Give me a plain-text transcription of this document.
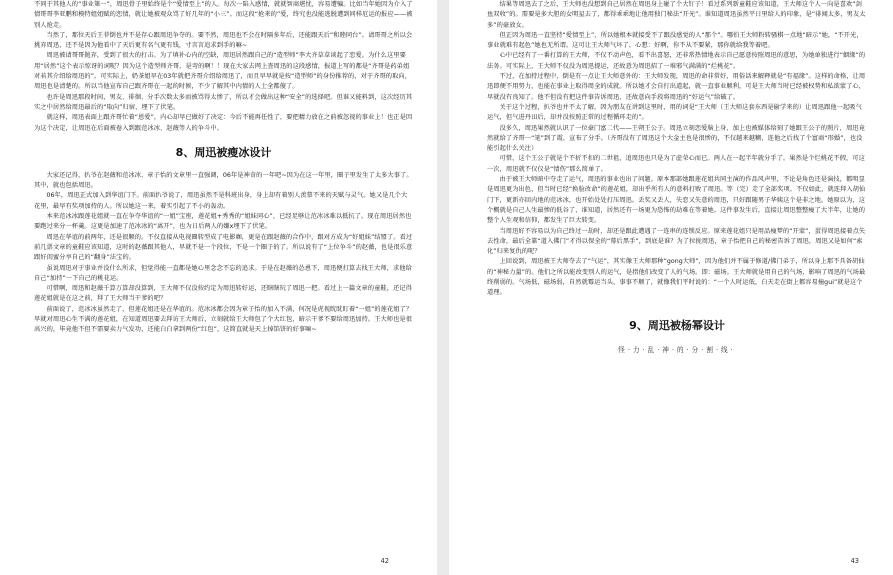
不同于其他人的“事业第一”，周迅骨子里始终是个“爱情至上”的人。每次一陷入感情，就就智商堪忧，容易遭骗。比如当年她因为介入了情哥哥李亚鹏和模特姐姐赋的恋情，就让她被观众骂了好几年的“小三”。而这段“抢来的”爱，终究也没能逃脱遭到同样厄运的报应——被别人抢走。

当然了，那位天后王菲倒也并不是存心跟周迅争夺的。要不然，周迅也不会在时隔多年后，还能跟天后“和睦同台”。请哥哥之所以会挑弃周迅，还不是因为他看中了天后更有名气更有钱，寸言言追求到手的嘛~

周迅被请哥哥抛弃，受到了很大的打击。为了填补心内的空缺，周迅居然跟自己的“造型师”李大齐草草谈起了恋爱。为什么这里要用“居然”这个表示惊讶的词呢？因为这个造型师齐哥，是弯的啊！！现在大家去网上查周迅的这段感情，报道上写的都是“齐哥是药弟姐对若其介绍给周迅的”。可实际上，奶茶姐早在03年就把齐哥介绍给周迅了，而且早早就是按“造型师”的身份推荐的，对于齐哥的取向，周迅也是清楚的。所以当他宣布自己跟齐哥在一起的时候，不少了解其中内情的人士全都傻了。

也许是周迅那段时间，男友、徘徊、分手次数太多而被骂得太惨了，所以才会做出这种“安全”的选择吧。但谁又能料到，这次经历其实之中居然给周迅最后的“取向”归宿，埋下了伏笔。

就这样，周迅表面上跟齐哥忙着“恩爱”，内心却早已做好了决定：今后不能再任性了，要把精力放在之前被忽视的事业上！也正是因为这个决定，让周迅在后面被卷入到跟范冰冰、赵薇等人的争斗中。

8、周迅被瘦冰设计

大家还记得，扒爷在赵薇和范冰冰、章子怡的文章里一直强调，06年是神奇的一年吧~因为在这一年里，圈子里发生了太多大事了。其中，就也包括周迅。

06年，周迅正式加入到华谊门下。前面扒爷说了，周迅虽然不是科班出身，身上却有着别人羡慕不来的天赋与灵气。她又是几个大花里，最早有奖项加持的人。所以她这一来，着实引起了不小的轰动。

本来范冰冰跟莲花姐就一直在争夺华谊的“一姐”宝座，莲花姐+秀秀的“姐妹同心”，已经足够让范冰冰难以抵抗了。现在周迅居然也要跑过来分一杯羹。这更是加速了范冰冰的“离开”，也为日后两人的嫌x埋下了伏笔。

周迅在华谊的前两年，还是很顺的。不仅直接从电视圈转型成了电影咖，更是在跟赵薇的合作中，跟对方成为“好姐妹”结盟了。看过前几票文章的童鞋应该知道，这时的赵薇跟其他人，早就不是一个段位，不是一个圈子的了。所以说有了“上位争斗”的赵薇，也是很乐意跟好闺蜜分享自己的“翻身”法宝的。

虽说周迅对于事业并没什么所求，但觉得能一直都是她心里念念不忘的追求。于是在赵薇的怂恿下，周迅便打算去找王大师，求他给自己“加持”一下自己的桃花运。

可惜啊，周迅和赵薇千算万算却没算到，王大师不仅没按约定为周迅转好运，还瞎瞎玩了周迅一把。看过上一篇文章的童鞋，还记得莲花姐就是在这之前，拜了王大师当干爹的吧？

前面说了，范冰冰虽然走了，但莲花姐还是在华谊的。范冰冰都会因为章子怡的加入不满，何况是虎视眈眈盯着“一姐”的莲花姐了？早就对周迅心生不满的莲花姐，在知道周迅要去拜访王大师后，立刻就给王大师包了个大红包，暗示干爹不要给周迅加持。王大师也是很高兴的，毕竟他不但不需要卖力气发功，还能白白拿到两份“红包”，这简直就是天上掉馅饼的好事嘛~

42

结果等周迅去了之后，王大师也没想到自己居然在周迅身上碰了个大钉子！看过系列新童鞋应该知道，王大师这个人一向是喜欢“剑鱼双收”的。需要是多大胆的女明星去了，都得乖乖地让他用独门秘法“开光”。谁知道周迅虽然平日里给人的印象，是“徘闻太多，男友太多”的豪放女。

但正因为周迅一直坚持“爱情至上”，所以她根本就接受不了跟没感觉的人“那个”。哪怕王大师粉转骚棋一点地“暗示”她，“不开光，事业就难有起色”她也无所谓。这可让王大师气坏了，心想：好啊，你不从不要紧，那你就给我等着吧。

心中已经有了一番打算的王大师，不仅不动声色，看不出喜怒，还非常热情地表示自己愿意按照周迅的意思，为她单独进行“姻缘”的法务。可实际上，王大师不仅没为周迅提运，还故意为周迅招了一堆邪气满满的“烂桃花”。

不过，在加持过程中，倒是有一点让王大师意外的：王大师发现，周迅的命非常好，用俗话来解释就是“有福缘”。这样的命格，让周迅即便不用努力，也能在事业上取得周全的成就。所以她才会自打出道起，就一直事业顺利，可是王大师当时已经被权势和私欲蒙了心，早就没有良知了。他不但没有把这件事告诉周迅，还故意向手段将周迅的“好运气”给破了。

关于这个过程，扒爷也并不太了解，因为朋友在讲到这里时，用的词是“王大师（王大师这套东西是偷学来的）让周迅跟他一起吸气运气，但气进丹田后，却并没按照正常的过程循环走的”。

没多久，周迅果然就认识了一位豪门富二代——王朔王公子。周迅立刻恋爱脑上身，加上也被媒体给刻了她跟王公子的照片，周迅竟然就给了齐哥一“笔”到了霞，宣布了分手。（齐哥没有了周迅这个大金主也是很惨的，不仅越来越糊，连他之后找了个富商“形婚”，也没能引起什么关注）

可惜，这个王公子就是个不折不扣的二世祖，追周迅也只是为了虚荣心而已。两人在一起半年就分手了。果然是个烂桃花不假，可这一次，周迅就不仅仅是“情伤”那么简单了。

由于被王大师暗中夺走了运气，周迅的事业也出了问题。原本那部她跟莲花姐共同主演的作品风声里，不论是角色还是演技，都明显是周迅更为出色，但当时已经“换脸改命”的莲花姐，却出乎所有人的意料打败了周迅。等（完）走了全部奖项。不仅如此，就连拜入胡仙门下，更新亦回内地的范冰冰，也开始处处打压周迅。丢奖又丢人，失恋又失意的周迅，只好跟随男子华姨这个是非之地。她原以为，这个概就是自己人生最惨的低谷了，谁知道，居然还有一场更为恐怖的劫难在等着她。这件事发生后，直接让周迅整整瘦了大半年，让她的整个人生观和信仰，都发生了巨大转变。

当周迅好不容易以为自己终过一劫时，却还是跟此遭遇了一连串的连锁反应。原来莲花姐只是用品瘦梦的“开蒙”，蛋得周迅接着点失去性命，最后全靠“道入佛门”才得以保全的“幕后黑手”，到底是谁？为了拉拢周迅，章子怡把自己的秘密告诉了周迅，周迅又是如何“索化”归来复仇的呢？

上回说到，周迅被王大师夺去了“气运”，其实像王大师那种“gong大师”，因为他们并不属于修道/佛门弟子，所以身上那不具备胡仙的“神秘力量”的。他们之所以能改变别人的运气，是指他们改变了人的气场。即：磁场。王大师就是用自己的气场，影响了周迅的气场最终削弱的。气场低，磁场弱，自然就霉运当头，事事不顺了，就像我们平时说的：“一个人时运低，白天走在街上都容易撞gui”就是这个道理。

9、周迅被杨幂设计
怪·力·乱·神·的·分·割·线·
43
